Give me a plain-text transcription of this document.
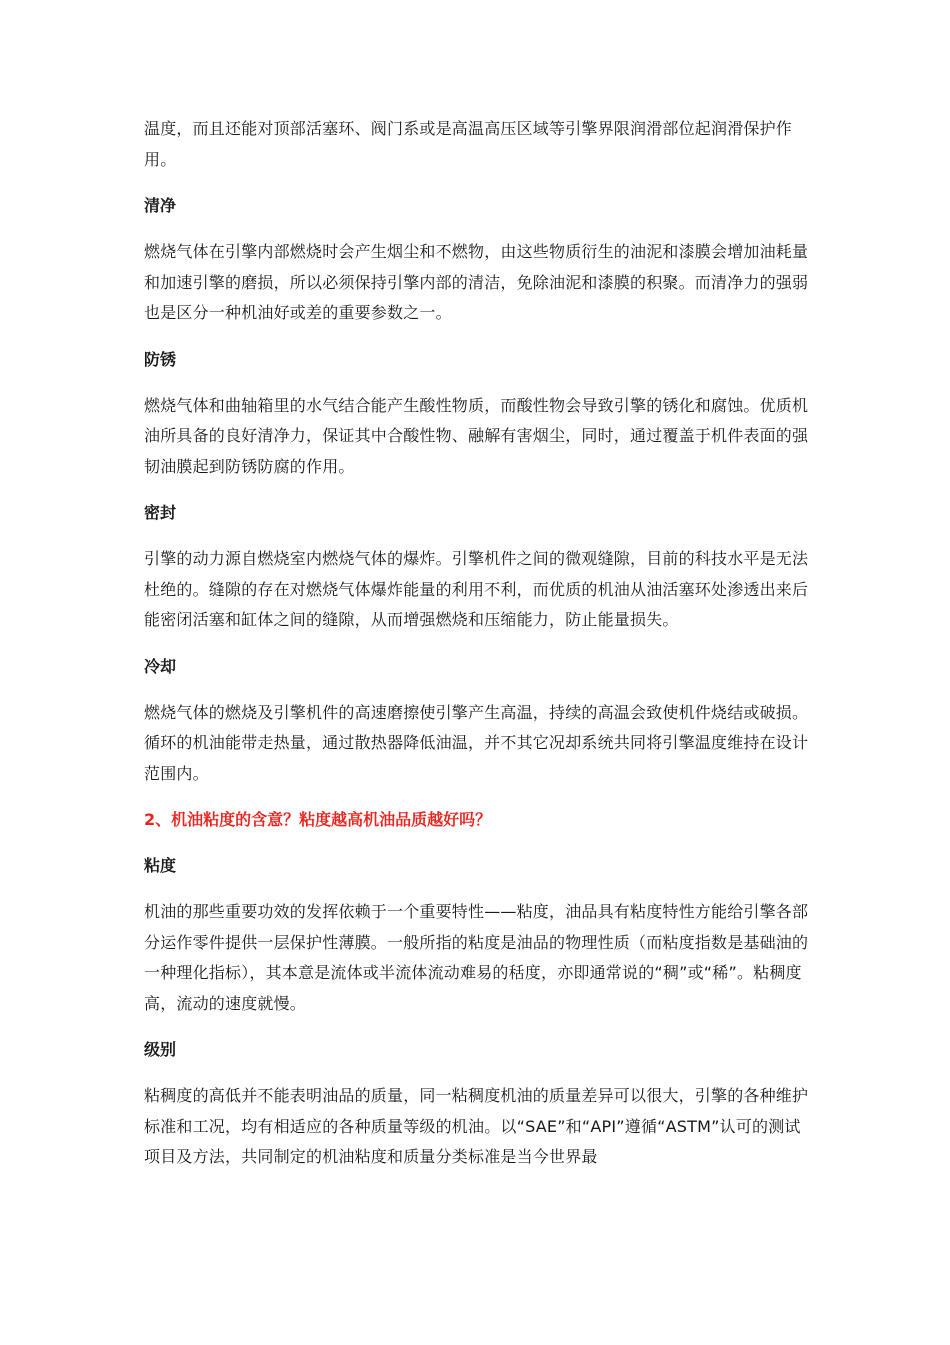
温度，而且还能对顶部活塞环、阀门系或是高温高压区域等引擎界限润滑部位起润滑保护作用。

清净

燃烧气体在引擎内部燃烧时会产生烟尘和不燃物，由这些物质衍生的油泥和漆膜会增加油耗量和加速引擎的磨损，所以必须保持引擎内部的清洁，免除油泥和漆膜的积聚。而清净力的强弱也是区分一种机油好或差的重要参数之一。

防锈

燃烧气体和曲轴箱里的水气结合能产生酸性物质，而酸性物会导致引擎的锈化和腐蚀。优质机油所具备的良好清净力，保证其中合酸性物、融解有害烟尘，同时，通过覆盖于机件表面的强韧油膜起到防锈防腐的作用。

密封

引擎的动力源自燃烧室内燃烧气体的爆炸。引擎机件之间的微观缝隙，目前的科技水平是无法杜绝的。缝隙的存在对燃烧气体爆炸能量的利用不利，而优质的机油从油活塞环处渗透出来后能密闭活塞和缸体之间的缝隙，从而增强燃烧和压缩能力，防止能量损失。

冷却

燃烧气体的燃烧及引擎机件的高速磨擦使引擎产生高温，持续的高温会致使机件烧结或破损。循环的机油能带走热量，通过散热器降低油温，并不其它况却系统共同将引擎温度维持在设计范围内。

2、机油粘度的含意？粘度越高机油品质越好吗？
粘度

机油的那些重要功效的发挥依赖于一个重要特性——粘度，油品具有粘度特性方能给引擎各部分运作零件提供一层保护性薄膜。一般所指的粘度是油品的物理性质（而粘度指数是基础油的一种理化指标），其本意是流体或半流体流动难易的秳度，亦即通常说的“稠”或“稀”。粘稠度高，流动的速度就慢。

级别

粘稠度的高低并不能表明油品的质量，同一粘稠度机油的质量差异可以很大，引擎的各种维护标准和工况，均有相适应的各种质量等级的机油。以“SAE”和“API”遵循“ASTM”认可的测试项目及方法，共同制定的机油粘度和质量分类标准是当今世界最
